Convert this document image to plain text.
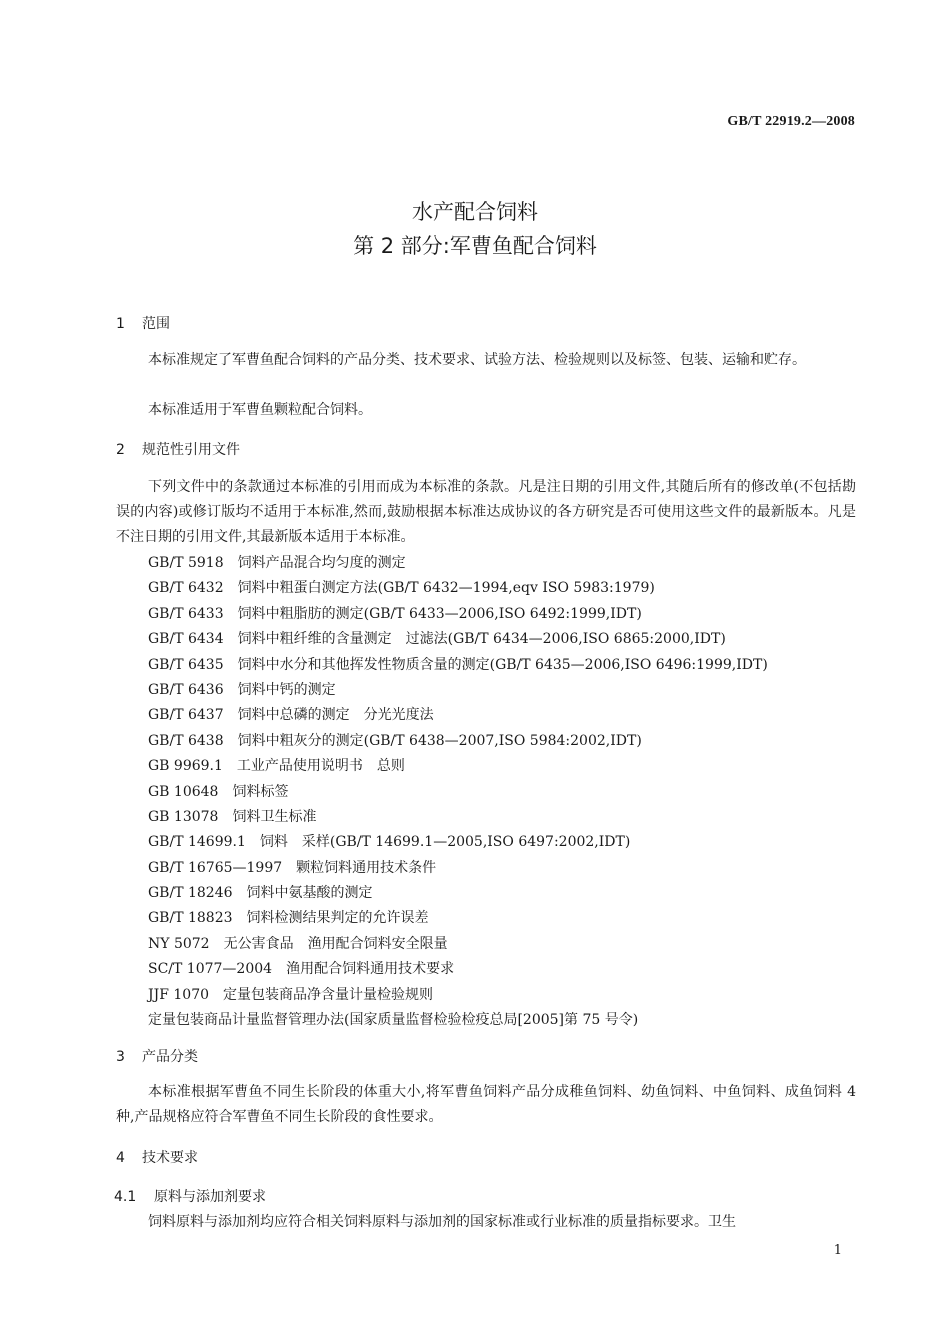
GB/T 22919.2—2008
水产配合饲料
第 2 部分:军曹鱼配合饲料
1 范围
本标准规定了军曹鱼配合饲料的产品分类、技术要求、试验方法、检验规则以及标签、包装、运输和贮存。
本标准适用于军曹鱼颗粒配合饲料。
2 规范性引用文件
下列文件中的条款通过本标准的引用而成为本标准的条款。凡是注日期的引用文件,其随后所有的修改单(不包括勘误的内容)或修订版均不适用于本标准,然而,鼓励根据本标准达成协议的各方研究是否可使用这些文件的最新版本。凡是不注日期的引用文件,其最新版本适用于本标准。
GB/T 5918　饲料产品混合均匀度的测定
GB/T 6432　饲料中粗蛋白测定方法(GB/T 6432—1994,eqv ISO 5983:1979)
GB/T 6433　饲料中粗脂肪的测定(GB/T 6433—2006,ISO 6492:1999,IDT)
GB/T 6434　饲料中粗纤维的含量测定　过滤法(GB/T 6434—2006,ISO 6865:2000,IDT)
GB/T 6435　饲料中水分和其他挥发性物质含量的测定(GB/T 6435—2006,ISO 6496:1999,IDT)
GB/T 6436　饲料中钙的测定
GB/T 6437　饲料中总磷的测定　分光光度法
GB/T 6438　饲料中粗灰分的测定(GB/T 6438—2007,ISO 5984:2002,IDT)
GB 9969.1　工业产品使用说明书　总则
GB 10648　饲料标签
GB 13078　饲料卫生标准
GB/T 14699.1　饲料　采样(GB/T 14699.1—2005,ISO 6497:2002,IDT)
GB/T 16765—1997　颗粒饲料通用技术条件
GB/T 18246　饲料中氨基酸的测定
GB/T 18823　饲料检测结果判定的允许误差
NY 5072　无公害食品　渔用配合饲料安全限量
SC/T 1077—2004　渔用配合饲料通用技术要求
JJF 1070　定量包装商品净含量计量检验规则
定量包装商品计量监督管理办法(国家质量监督检验检疫总局[2005]第 75 号令)
3 产品分类
本标准根据军曹鱼不同生长阶段的体重大小,将军曹鱼饲料产品分成稚鱼饲料、幼鱼饲料、中鱼饲料、成鱼饲料 4 种,产品规格应符合军曹鱼不同生长阶段的食性要求。
4 技术要求
4.1 原料与添加剂要求
饲料原料与添加剂均应符合相关饲料原料与添加剂的国家标准或行业标准的质量指标要求。卫生
1
